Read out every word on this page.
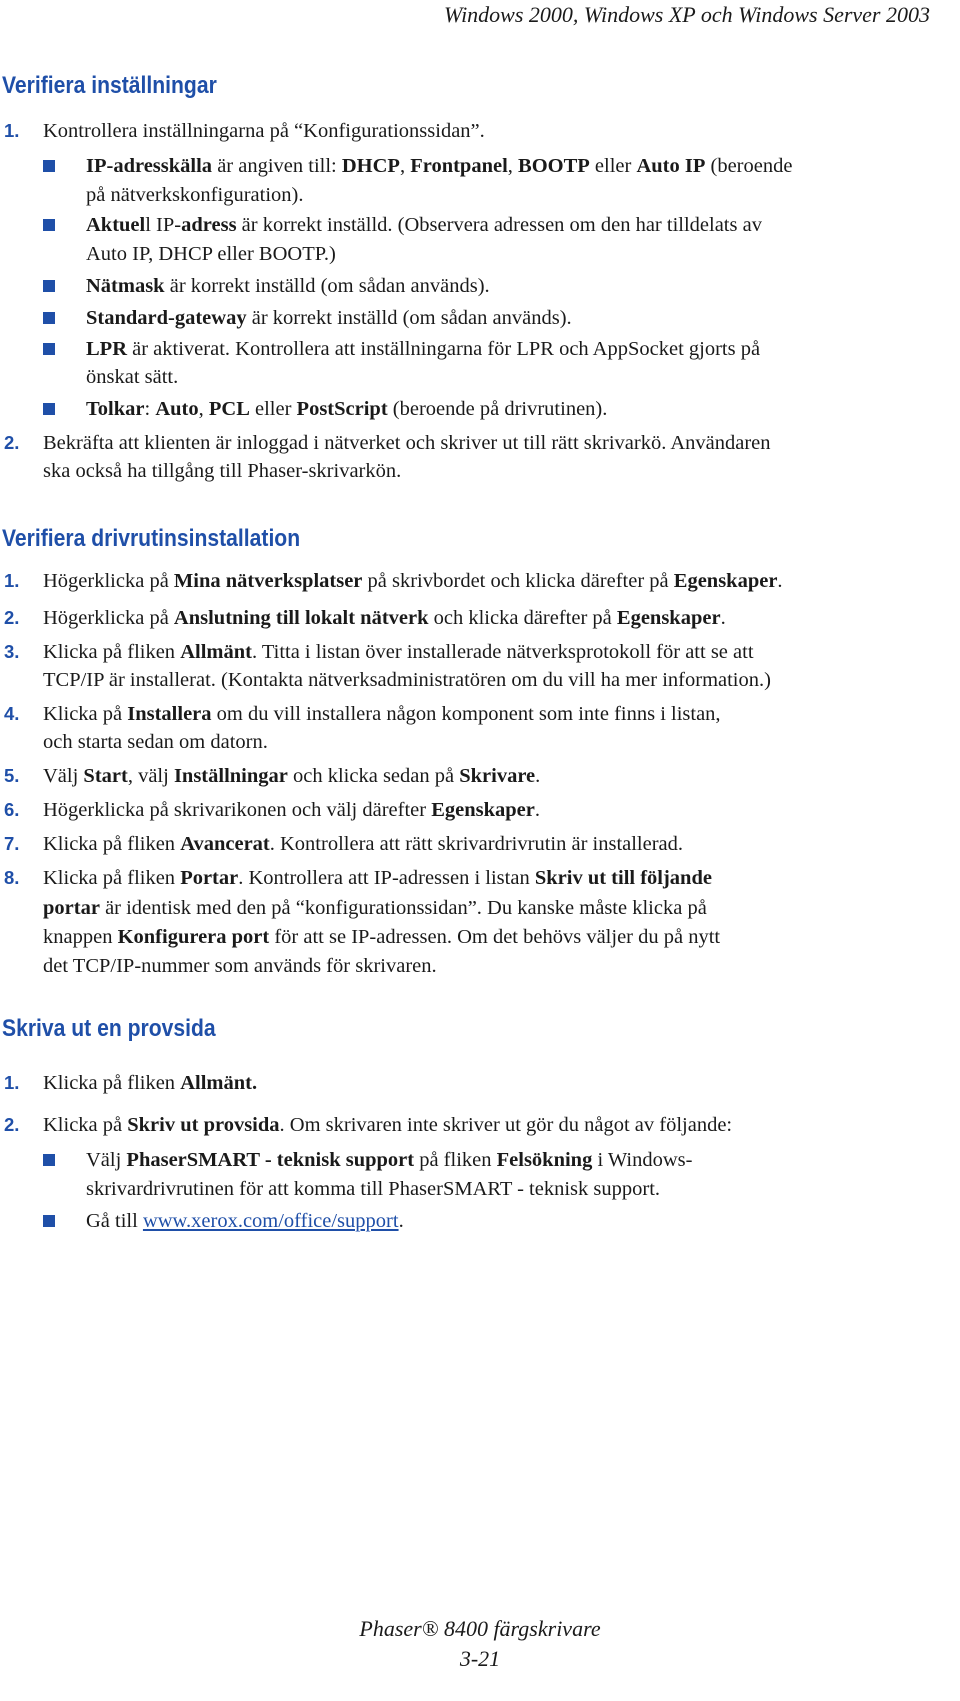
Windows 2000, Windows XP och Windows Server 2003
Verifiera inställningar
1. Kontrollera inställningarna på “Konfigurationssidan”.
IP-adresskälla är angiven till: DHCP, Frontpanel, BOOTP eller Auto IP (beroende
på nätverkskonfiguration).
Aktuell IP-adress är korrekt inställd. (Observera adressen om den har tilldelats av
Auto IP, DHCP eller BOOTP.)
Nätmask är korrekt inställd (om sådan används).
Standard-gateway är korrekt inställd (om sådan används).
LPR är aktiverat. Kontrollera att inställningarna för LPR och AppSocket gjorts på
önskat sätt.
Tolkar: Auto, PCL eller PostScript (beroende på drivrutinen).
2. Bekräfta att klienten är inloggad i nätverket och skriver ut till rätt skrivarkö. Användaren
ska också ha tillgång till Phaser-skrivarkön.
Verifiera drivrutinsinstallation
1. Högerklicka på Mina nätverksplatser på skrivbordet och klicka därefter på Egenskaper.
2. Högerklicka på Anslutning till lokalt nätverk och klicka därefter på Egenskaper.
3. Klicka på fliken Allmänt. Titta i listan över installerade nätverksprotokoll för att se att
TCP/IP är installerat. (Kontakta nätverksadministratören om du vill ha mer information.)
4. Klicka på Installera om du vill installera någon komponent som inte finns i listan,
och starta sedan om datorn.
5. Välj Start, välj Inställningar och klicka sedan på Skrivare.
6. Högerklicka på skrivarikonen och välj därefter Egenskaper.
7. Klicka på fliken Avancerat. Kontrollera att rätt skrivardrivrutin är installerad.
8. Klicka på fliken Portar. Kontrollera att IP-adressen i listan Skriv ut till följande
portar är identisk med den på “konfigurationssidan”. Du kanske måste klicka på
knappen Konfigurera port för att se IP-adressen. Om det behövs väljer du på nytt
det TCP/IP-nummer som används för skrivaren.
Skriva ut en provsida
1. Klicka på fliken Allmänt.
2. Klicka på Skriv ut provsida. Om skrivaren inte skriver ut gör du något av följande:
Välj PhaserSMART - teknisk support på fliken Felsökning i Windows-
skrivardrivrutinen för att komma till PhaserSMART - teknisk support.
Gå till www.xerox.com/office/support.
Phaser® 8400 färgskrivare
3-21
